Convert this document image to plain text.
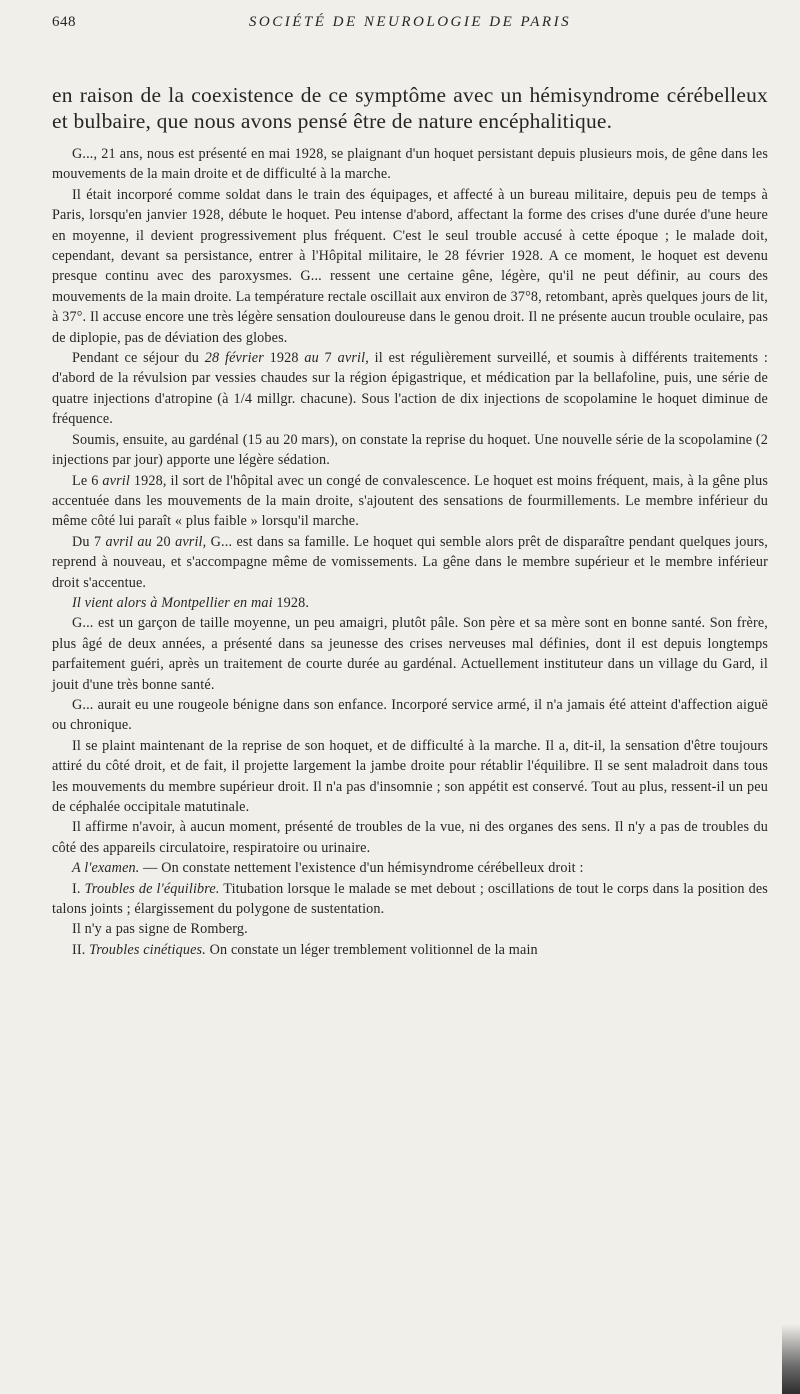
648	SOCIÉTÉ DE NEUROLOGIE DE PARIS
en raison de la coexistence de ce symptôme avec un hémisyndrome cérébelleux et bulbaire, que nous avons pensé être de nature encéphalitique.

G..., 21 ans, nous est présenté en mai 1928, se plaignant d'un hoquet persistant depuis plusieurs mois, de gêne dans les mouvements de la main droite et de difficulté à la marche.

Il était incorporé comme soldat dans le train des équipages, et affecté à un bureau militaire, depuis peu de temps à Paris, lorsqu'en janvier 1928, débute le hoquet. Peu intense d'abord, affectant la forme des crises d'une durée d'une heure en moyenne, il devient progressivement plus fréquent. C'est le seul trouble accusé à cette époque ; le malade doit, cependant, devant sa persistance, entrer à l'Hôpital militaire, le 28 février 1928. A ce moment, le hoquet est devenu presque continu avec des paroxysmes. G... ressent une certaine gêne, légère, qu'il ne peut définir, au cours des mouvements de la main droite. La température rectale oscillait aux environ de 37°8, retombant, après quelques jours de lit, à 37°. Il accuse encore une très légère sensation douloureuse dans le genou droit. Il ne présente aucun trouble oculaire, pas de diplopie, pas de déviation des globes.

Pendant ce séjour du 28 février 1928 au 7 avril, il est régulièrement surveillé, et soumis à différents traitements : d'abord de la révulsion par vessies chaudes sur la région épigastrique, et médication par la bellafoline, puis, une série de quatre injections d'atropine (à 1/4 millgr. chacune). Sous l'action de dix injections de scopolamine le hoquet diminue de fréquence.

Soumis, ensuite, au gardénal (15 au 20 mars), on constate la reprise du hoquet. Une nouvelle série de la scopolamine (2 injections par jour) apporte une légère sédation.

Le 6 avril 1928, il sort de l'hôpital avec un congé de convalescence. Le hoquet est moins fréquent, mais, à la gêne plus accentuée dans les mouvements de la main droite, s'ajoutent des sensations de fourmillements. Le membre inférieur du même côté lui paraît « plus faible » lorsqu'il marche.

Du 7 avril au 20 avril, G... est dans sa famille. Le hoquet qui semble alors prêt de disparaître pendant quelques jours, reprend à nouveau, et s'accompagne même de vomissements. La gêne dans le membre supérieur et le membre inférieur droit s'accentue.

Il vient alors à Montpellier en mai 1928.

G... est un garçon de taille moyenne, un peu amaigri, plutôt pâle. Son père et sa mère sont en bonne santé. Son frère, plus âgé de deux années, a présenté dans sa jeunesse des crises nerveuses mal définies, dont il est depuis longtemps parfaitement guéri, après un traitement de courte durée au gardénal. Actuellement instituteur dans un village du Gard, il jouit d'une très bonne santé.

G... aurait eu une rougeole bénigne dans son enfance. Incorporé service armé, il n'a jamais été atteint d'affection aiguë ou chronique.

Il se plaint maintenant de la reprise de son hoquet, et de difficulté à la marche. Il a, dit-il, la sensation d'être toujours attiré du côté droit, et de fait, il projette largement la jambe droite pour rétablir l'équilibre. Il se sent maladroit dans tous les mouvements du membre supérieur droit. Il n'a pas d'insomnie ; son appétit est conservé. Tout au plus, ressent-il un peu de céphalée occipitale matutinale.

Il affirme n'avoir, à aucun moment, présenté de troubles de la vue, ni des organes des sens. Il n'y a pas de troubles du côté des appareils circulatoire, respiratoire ou urinaire.

A l'examen. — On constate nettement l'existence d'un hémisyndrome cérébelleux droit :

I. Troubles de l'équilibre. Titubation lorsque le malade se met debout ; oscillations de tout le corps dans la position des talons joints ; élargissement du polygone de sustentation.

Il n'y a pas signe de Romberg.

II. Troubles cinétiques. On constate un léger tremblement volitionnel de la main
